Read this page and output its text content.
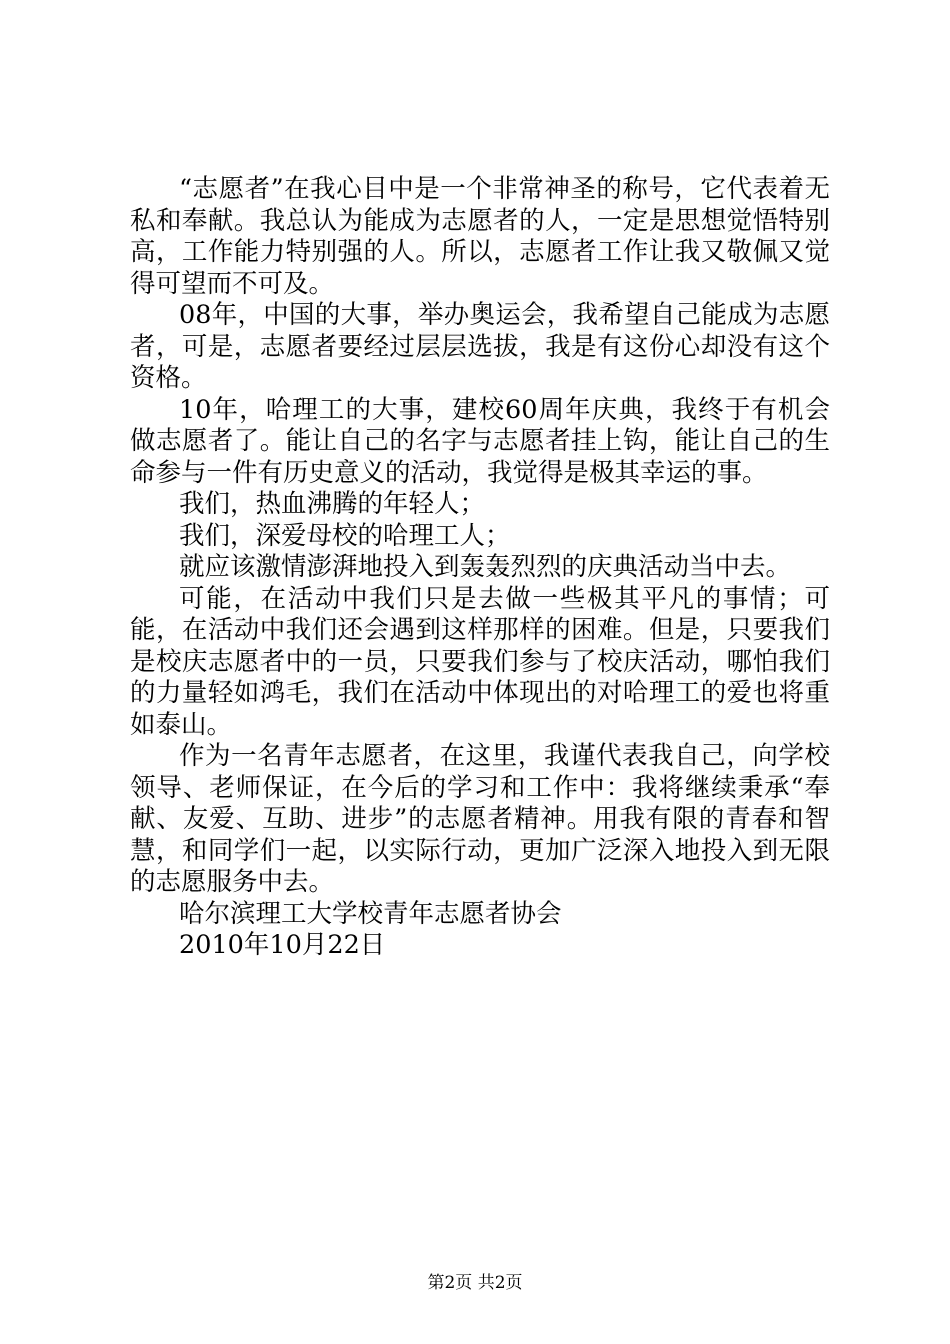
“志愿者”在我心目中是一个非常神圣的称号，它代表着无私和奉献。我总认为能成为志愿者的人，一定是思想觉悟特别高，工作能力特别强的人。所以，志愿者工作让我又敬佩又觉得可望而不可及。

08年，中国的大事，举办奥运会，我希望自己能成为志愿者，可是，志愿者要经过层层选拔，我是有这份心却没有这个资格。

10年，哈理工的大事，建校60周年庆典，我终于有机会做志愿者了。能让自己的名字与志愿者挂上钩，能让自己的生命参与一件有历史意义的活动，我觉得是极其幸运的事。

我们，热血沸腾的年轻人；

我们，深爱母校的哈理工人；

就应该激情澎湃地投入到轰轰烈烈的庆典活动当中去。

可能，在活动中我们只是去做一些极其平凡的事情；可能，在活动中我们还会遇到这样那样的困难。但是，只要我们是校庆志愿者中的一员，只要我们参与了校庆活动，哪怕我们的力量轻如鸿毛，我们在活动中体现出的对哈理工的爱也将重如泰山。

作为一名青年志愿者，在这里，我谨代表我自己，向学校领导、老师保证，在今后的学习和工作中：我将继续秉承“奉献、友爱、互助、进步”的志愿者精神。用我有限的青春和智慧，和同学们一起，以实际行动，更加广泛深入地投入到无限的志愿服务中去。

哈尔滨理工大学校青年志愿者协会

2010年10月22日

第2页 共2页
